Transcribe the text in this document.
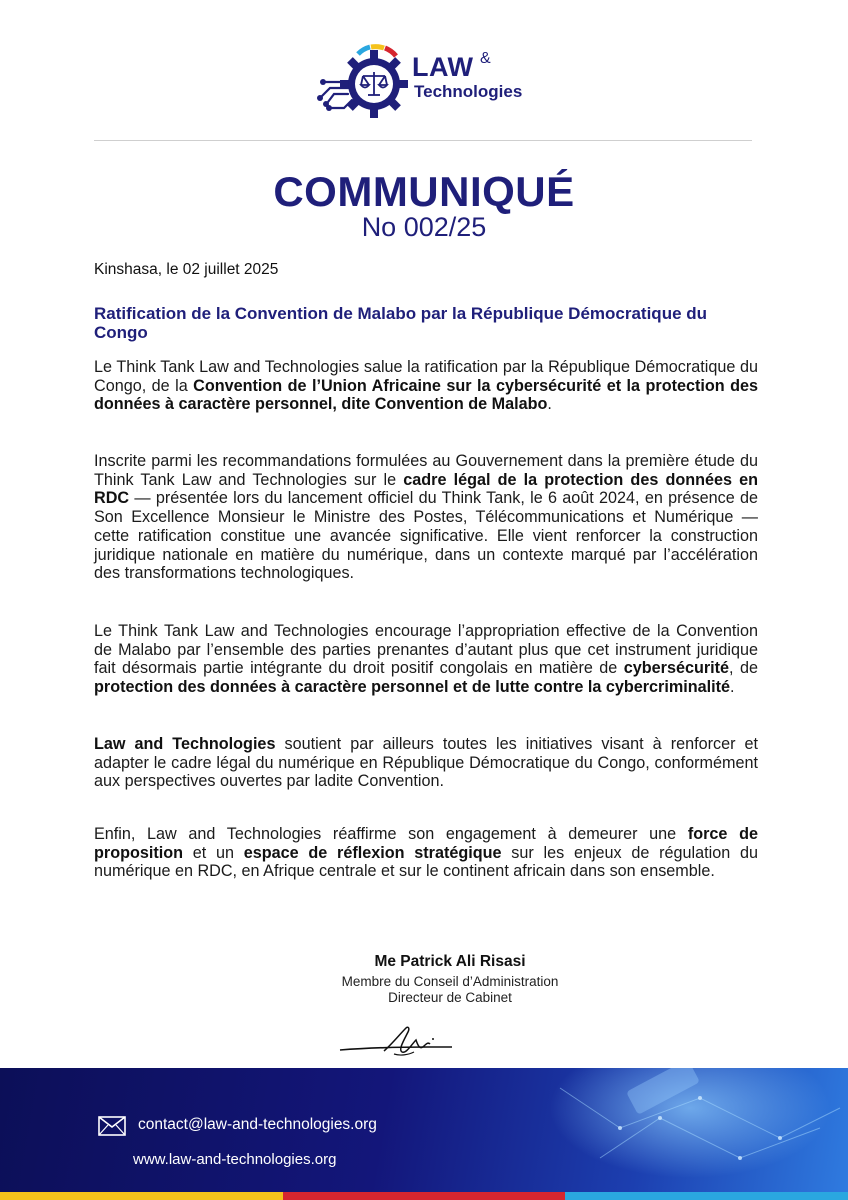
LAW &
Technologies
COMMUNIQUÉ
No 002/25
Kinshasa, le 02 juillet 2025
Ratification de la Convention de Malabo par la République Démocratique du Congo

Le Think Tank Law and Technologies salue la ratification par la République Démocratique du Congo, de la Convention de l’Union Africaine sur la cybersécurité et la protection des données à caractère personnel, dite Convention de Malabo.

Inscrite parmi les recommandations formulées au Gouvernement dans la première étude du Think Tank Law and Technologies sur le cadre légal de la protection des données en RDC — présentée lors du lancement officiel du Think Tank, le 6 août 2024, en présence de Son Excellence Monsieur le Ministre des Postes, Télécommunications et Numérique — cette ratification constitue une avancée significative. Elle vient renforcer la construction juridique nationale en matière du numérique, dans un contexte marqué par l’accélération des transformations technologiques.

Le Think Tank Law and Technologies encourage l’appropriation effective de la Convention de Malabo par l’ensemble des parties prenantes d’autant plus que cet instrument juridique fait désormais partie intégrante du droit positif congolais en matière de cybersécurité, de protection des données à caractère personnel et de lutte contre la cybercriminalité.

Law and Technologies soutient par ailleurs toutes les initiatives visant à renforcer et adapter le cadre légal du numérique en République Démocratique du Congo, conformément aux perspectives ouvertes par ladite Convention.

Enfin, Law and Technologies réaffirme son engagement à demeurer une force de proposition et un espace de réflexion stratégique sur les enjeux de régulation du numérique en RDC, en Afrique centrale et sur le continent africain dans son ensemble.

Me Patrick Ali Risasi
Membre du Conseil d’Administration
Directeur de Cabinet
contact@law-and-technologies.org
www.law-and-technologies.org
